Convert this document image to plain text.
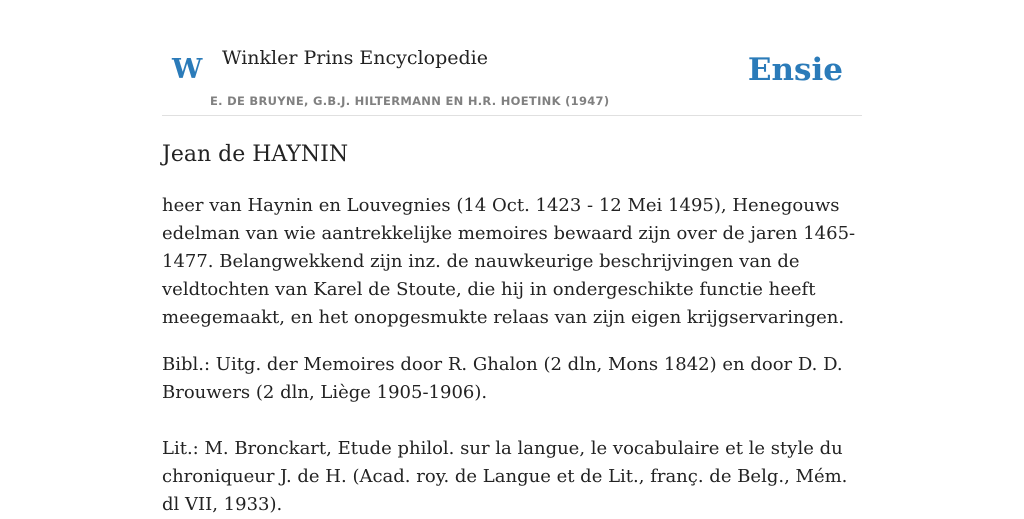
W Winkler Prins Encyclopedie	Ensie
E. DE BRUYNE, G.B.J. HILTERMANN EN H.R. HOETINK (1947)
Jean de HAYNIN

heer van Haynin en Louvegnies (14 Oct. 1423 - 12 Mei 1495), Henegouws edelman van wie aantrekkelijke memoires bewaard zijn over de jaren 1465-1477. Belangwekkend zijn inz. de nauwkeurige beschrijvingen van de veldtochten van Karel de Stoute, die hij in ondergeschikte functie heeft meegemaakt, en het onopgesmukte relaas van zijn eigen krijgservaringen.

Bibl.: Uitg. der Memoires door R. Ghalon (2 dln, Mons 1842) en door D. D. Brouwers (2 dln, Liège 1905-1906).

Lit.: M. Bronckart, Etude philol. sur la langue, le vocabulaire et le style du chroniqueur J. de H. (Acad. roy. de Langue et de Lit., franç. de Belg., Mém. dl VII, 1933).
